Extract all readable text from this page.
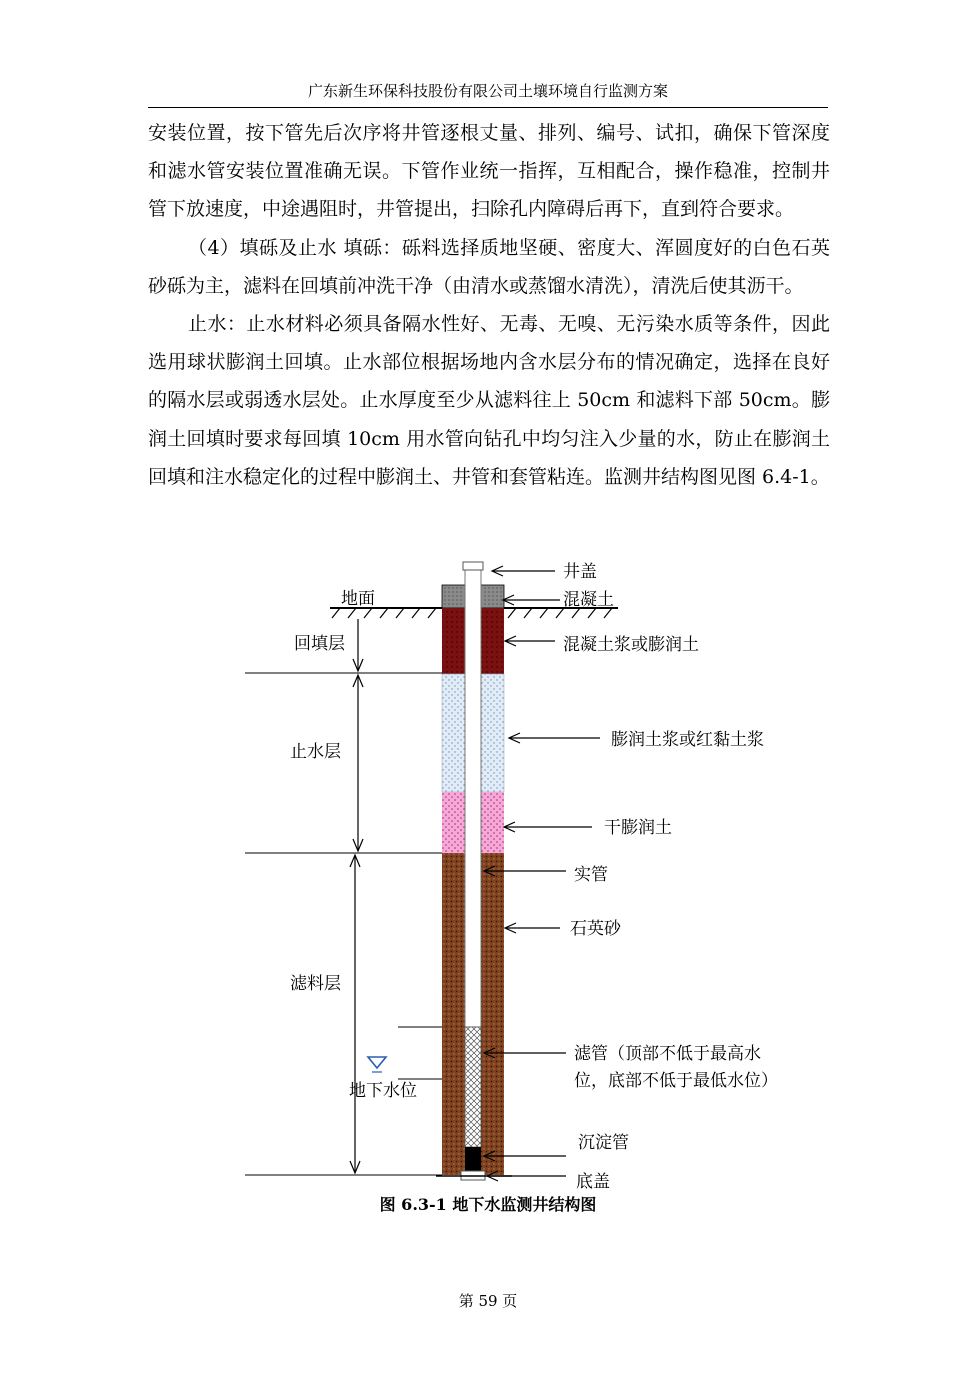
广东新生环保科技股份有限公司土壤环境自行监测方案

安装位置，按下管先后次序将井管逐根丈量、排列、编号、试扣，确保下管深度和滤水管安装位置准确无误。下管作业统一指挥，互相配合，操作稳准，控制井管下放速度，中途遇阻时，井管提出，扫除孔内障碍后再下，直到符合要求。

（4）填砾及止水 填砾：砾料选择质地坚硬、密度大、浑圆度好的白色石英砂砾为主，滤料在回填前冲洗干净（由清水或蒸馏水清洗），清洗后使其沥干。

止水：止水材料必须具备隔水性好、无毒、无嗅、无污染水质等条件，因此选用球状膨润土回填。止水部位根据场地内含水层分布的情况确定，选择在良好的隔水层或弱透水层处。止水厚度至少从滤料往上 50cm 和滤料下部 50cm。膨润土回填时要求每回填 10cm 用水管向钻孔中均匀注入少量的水，防止在膨润土回填和注水稳定化的过程中膨润土、井管和套管粘连。监测井结构图见图 6.4-1。

地面
回填层
止水层
滤料层
地下水位
井盖
混凝土
混凝土浆或膨润土
膨润土浆或红黏土浆
干膨润土
实管
石英砂
滤管（顶部不低于最高水
位，底部不低于最低水位）
沉淀管
底盖
图 6.3-1 地下水监测井结构图
第 59 页
